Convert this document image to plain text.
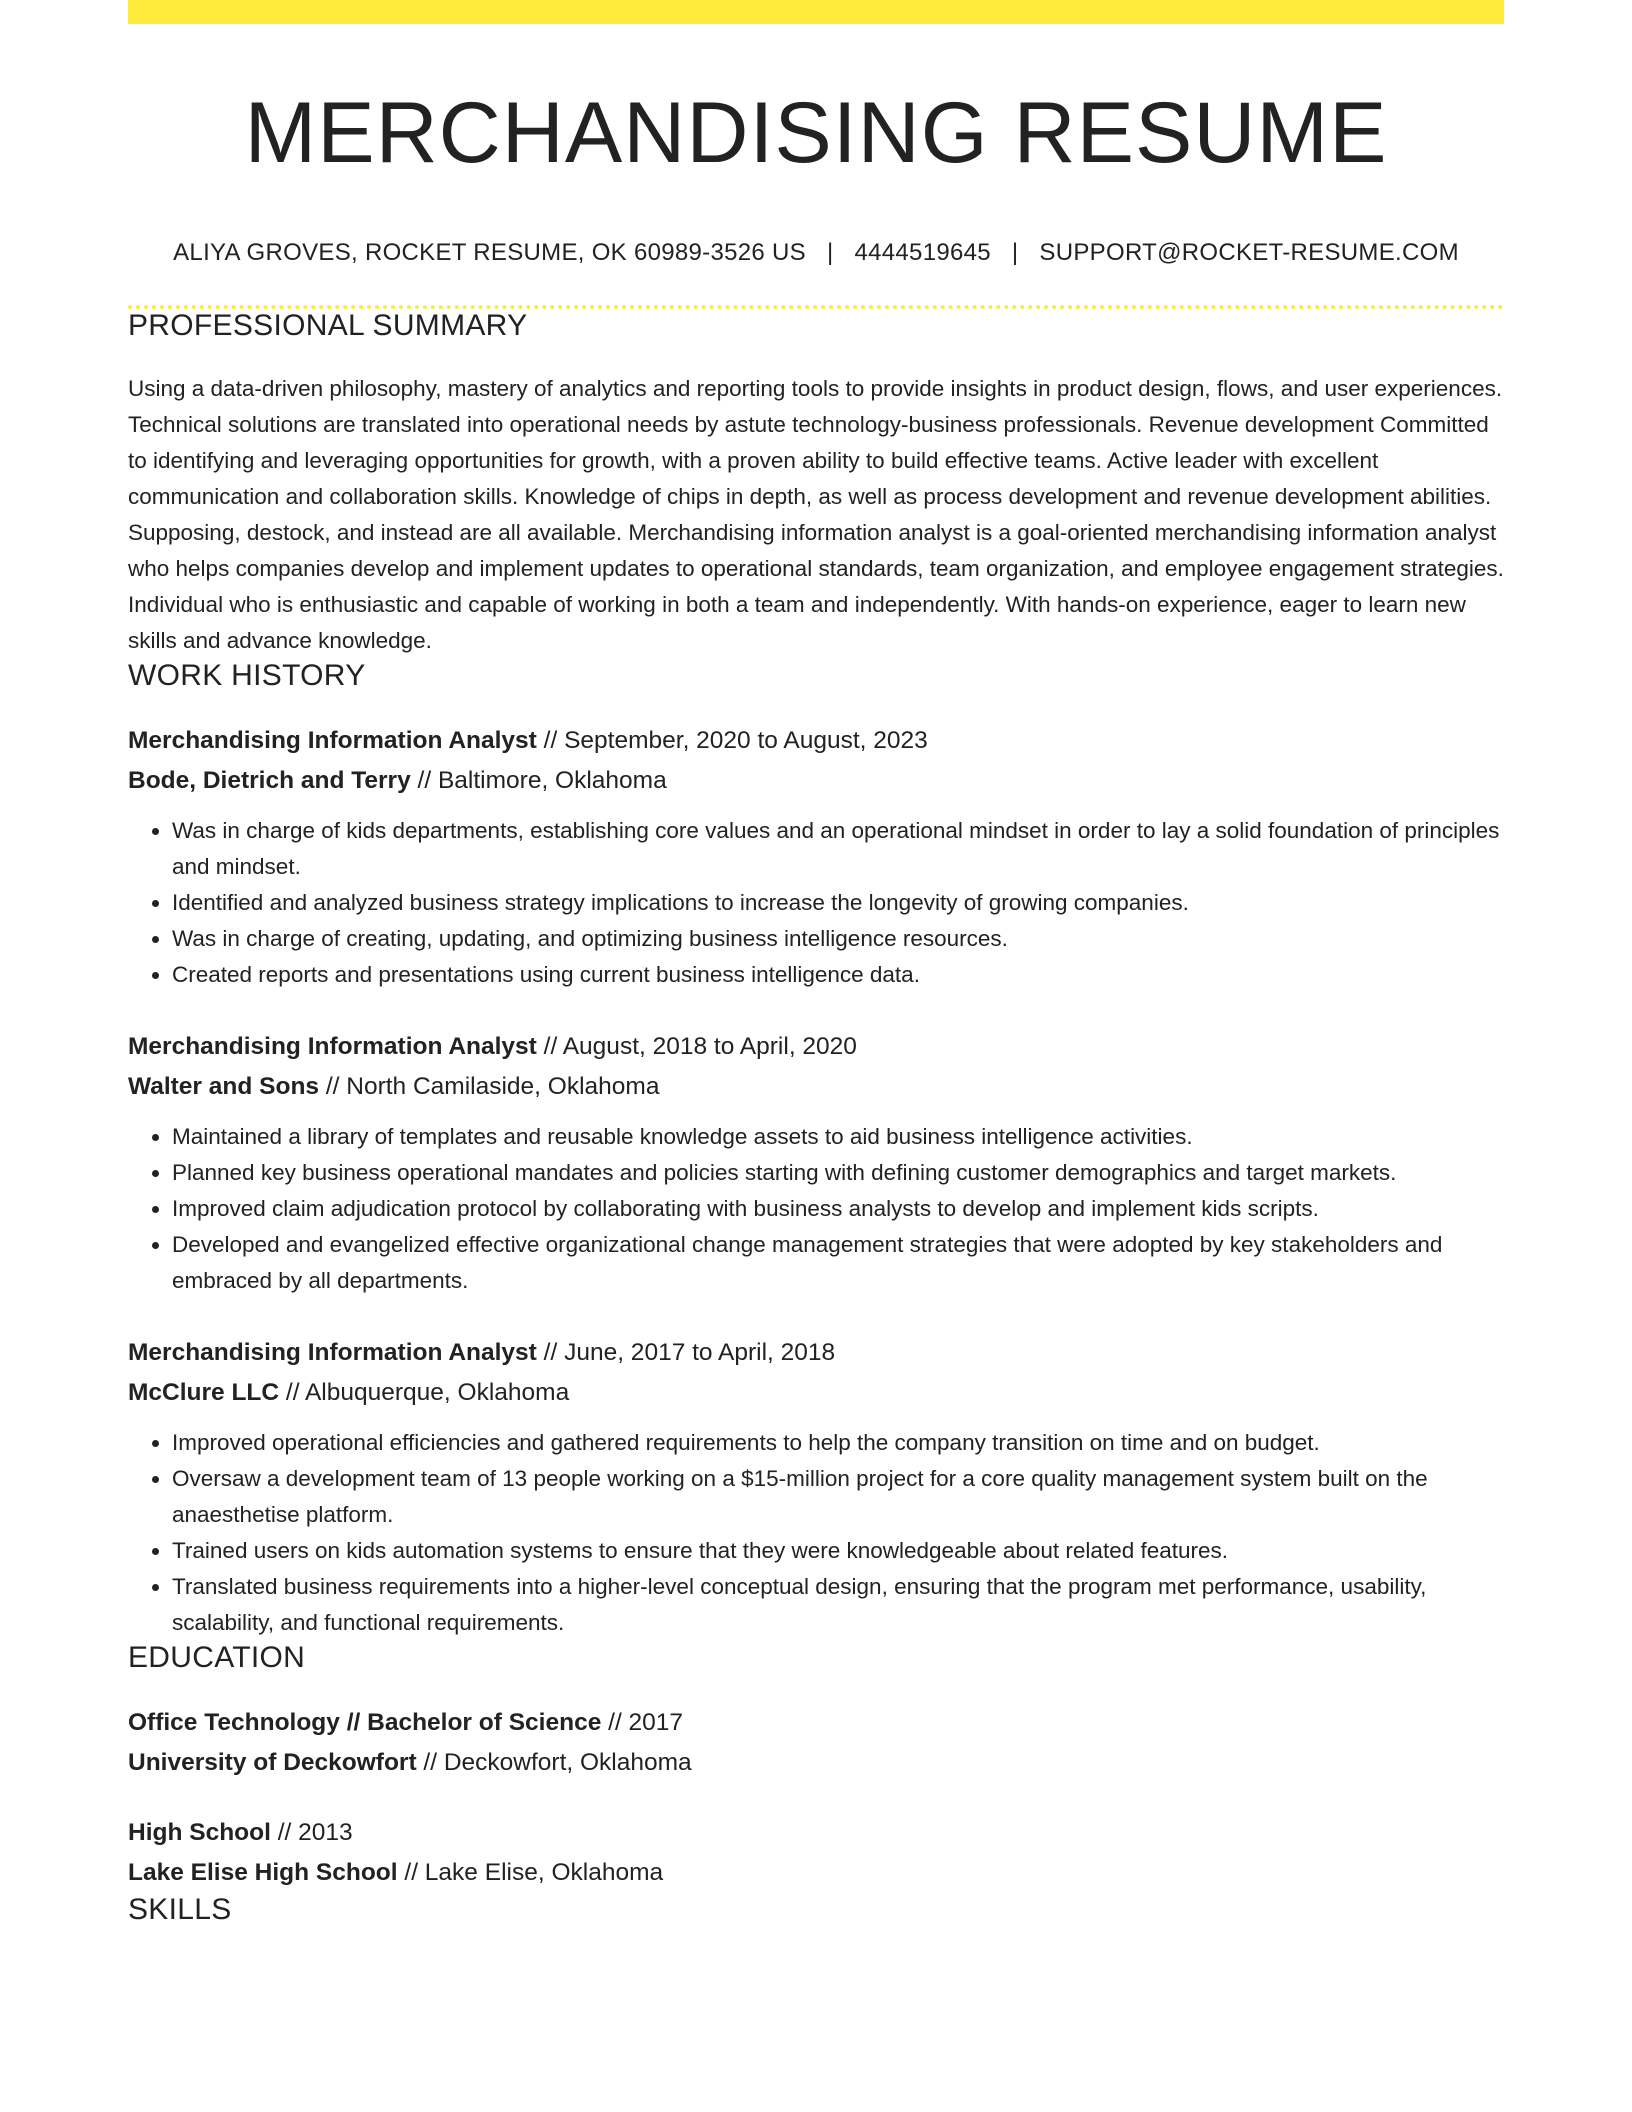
MERCHANDISING RESUME
ALIYA GROVES, ROCKET RESUME, OK 60989-3526 US | 4444519645 | SUPPORT@ROCKET-RESUME.COM
PROFESSIONAL SUMMARY

Using a data-driven philosophy, mastery of analytics and reporting tools to provide insights in product design, flows, and user experiences. Technical solutions are translated into operational needs by astute technology-business professionals. Revenue development Committed to identifying and leveraging opportunities for growth, with a proven ability to build effective teams. Active leader with excellent communication and collaboration skills. Knowledge of chips in depth, as well as process development and revenue development abilities. Supposing, destock, and instead are all available. Merchandising information analyst is a goal-oriented merchandising information analyst who helps companies develop and implement updates to operational standards, team organization, and employee engagement strategies. Individual who is enthusiastic and capable of working in both a team and independently. With hands-on experience, eager to learn new skills and advance knowledge.

WORK HISTORY
Merchandising Information Analyst // September, 2020 to August, 2023
Bode, Dietrich and Terry // Baltimore, Oklahoma
• Was in charge of kids departments, establishing core values and an operational mindset in order to lay a solid foundation of principles and mindset.
• Identified and analyzed business strategy implications to increase the longevity of growing companies.
• Was in charge of creating, updating, and optimizing business intelligence resources.
• Created reports and presentations using current business intelligence data.
Merchandising Information Analyst // August, 2018 to April, 2020
Walter and Sons // North Camilaside, Oklahoma
• Maintained a library of templates and reusable knowledge assets to aid business intelligence activities.
• Planned key business operational mandates and policies starting with defining customer demographics and target markets.
• Improved claim adjudication protocol by collaborating with business analysts to develop and implement kids scripts.
• Developed and evangelized effective organizational change management strategies that were adopted by key stakeholders and embraced by all departments.
Merchandising Information Analyst // June, 2017 to April, 2018
McClure LLC // Albuquerque, Oklahoma
• Improved operational efficiencies and gathered requirements to help the company transition on time and on budget.
• Oversaw a development team of 13 people working on a $15-million project for a core quality management system built on the anaesthetise platform.
• Trained users on kids automation systems to ensure that they were knowledgeable about related features.
• Translated business requirements into a higher-level conceptual design, ensuring that the program met performance, usability, scalability, and functional requirements.
EDUCATION
Office Technology // Bachelor of Science // 2017
University of Deckowfort // Deckowfort, Oklahoma
High School // 2013
Lake Elise High School // Lake Elise, Oklahoma
SKILLS
